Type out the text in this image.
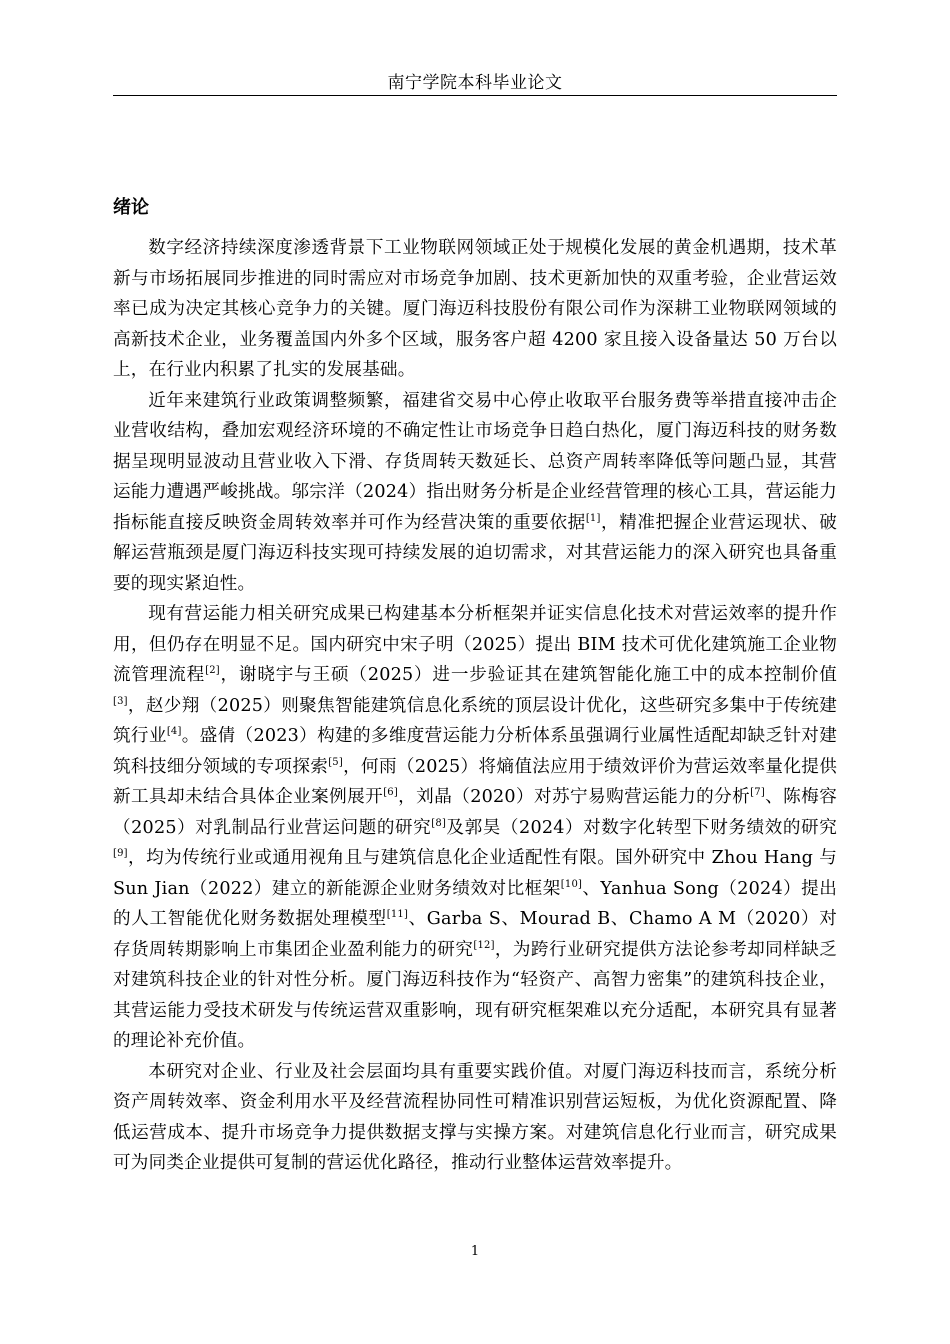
南宁学院本科毕业论文
绪论

数字经济持续深度渗透背景下工业物联网领域正处于规模化发展的黄金机遇期，技术革新与市场拓展同步推进的同时需应对市场竞争加剧、技术更新加快的双重考验，企业营运效率已成为决定其核心竞争力的关键。厦门海迈科技股份有限公司作为深耕工业物联网领域的高新技术企业，业务覆盖国内外多个区域，服务客户超 4200 家且接入设备量达 50 万台以上，在行业内积累了扎实的发展基础。

近年来建筑行业政策调整频繁，福建省交易中心停止收取平台服务费等举措直接冲击企业营收结构，叠加宏观经济环境的不确定性让市场竞争日趋白热化，厦门海迈科技的财务数据呈现明显波动且营业收入下滑、存货周转天数延长、总资产周转率降低等问题凸显，其营运能力遭遇严峻挑战。邬宗洋（2024）指出财务分析是企业经营管理的核心工具，营运能力指标能直接反映资金周转效率并可作为经营决策的重要依据[1]，精准把握企业营运现状、破解运营瓶颈是厦门海迈科技实现可持续发展的迫切需求，对其营运能力的深入研究也具备重要的现实紧迫性。

现有营运能力相关研究成果已构建基本分析框架并证实信息化技术对营运效率的提升作用，但仍存在明显不足。国内研究中宋子明（2025）提出 BIM 技术可优化建筑施工企业物流管理流程[2]，谢晓宇与王硕（2025）进一步验证其在建筑智能化施工中的成本控制价值[3]，赵少翔（2025）则聚焦智能建筑信息化系统的顶层设计优化，这些研究多集中于传统建筑行业[4]。盛倩（2023）构建的多维度营运能力分析体系虽强调行业属性适配却缺乏针对建筑科技细分领域的专项探索[5]，何雨（2025）将熵值法应用于绩效评价为营运效率量化提供新工具却未结合具体企业案例展开[6]，刘晶（2020）对苏宁易购营运能力的分析[7]、陈梅容（2025）对乳制品行业营运问题的研究[8]及郭昊（2024）对数字化转型下财务绩效的研究[9]，均为传统行业或通用视角且与建筑信息化企业适配性有限。国外研究中 Zhou Hang 与 Sun Jian（2022）建立的新能源企业财务绩效对比框架[10]、Yanhua Song（2024）提出的人工智能优化财务数据处理模型[11]、Garba S、Mourad B、Chamo A M（2020）对存货周转期影响上市集团企业盈利能力的研究[12]，为跨行业研究提供方法论参考却同样缺乏对建筑科技企业的针对性分析。厦门海迈科技作为“轻资产、高智力密集”的建筑科技企业，其营运能力受技术研发与传统运营双重影响，现有研究框架难以充分适配，本研究具有显著的理论补充价值。

本研究对企业、行业及社会层面均具有重要实践价值。对厦门海迈科技而言，系统分析资产周转效率、资金利用水平及经营流程协同性可精准识别营运短板，为优化资源配置、降低运营成本、提升市场竞争力提供数据支撑与实操方案。对建筑信息化行业而言，研究成果可为同类企业提供可复制的营运优化路径，推动行业整体运营效率提升。

1
